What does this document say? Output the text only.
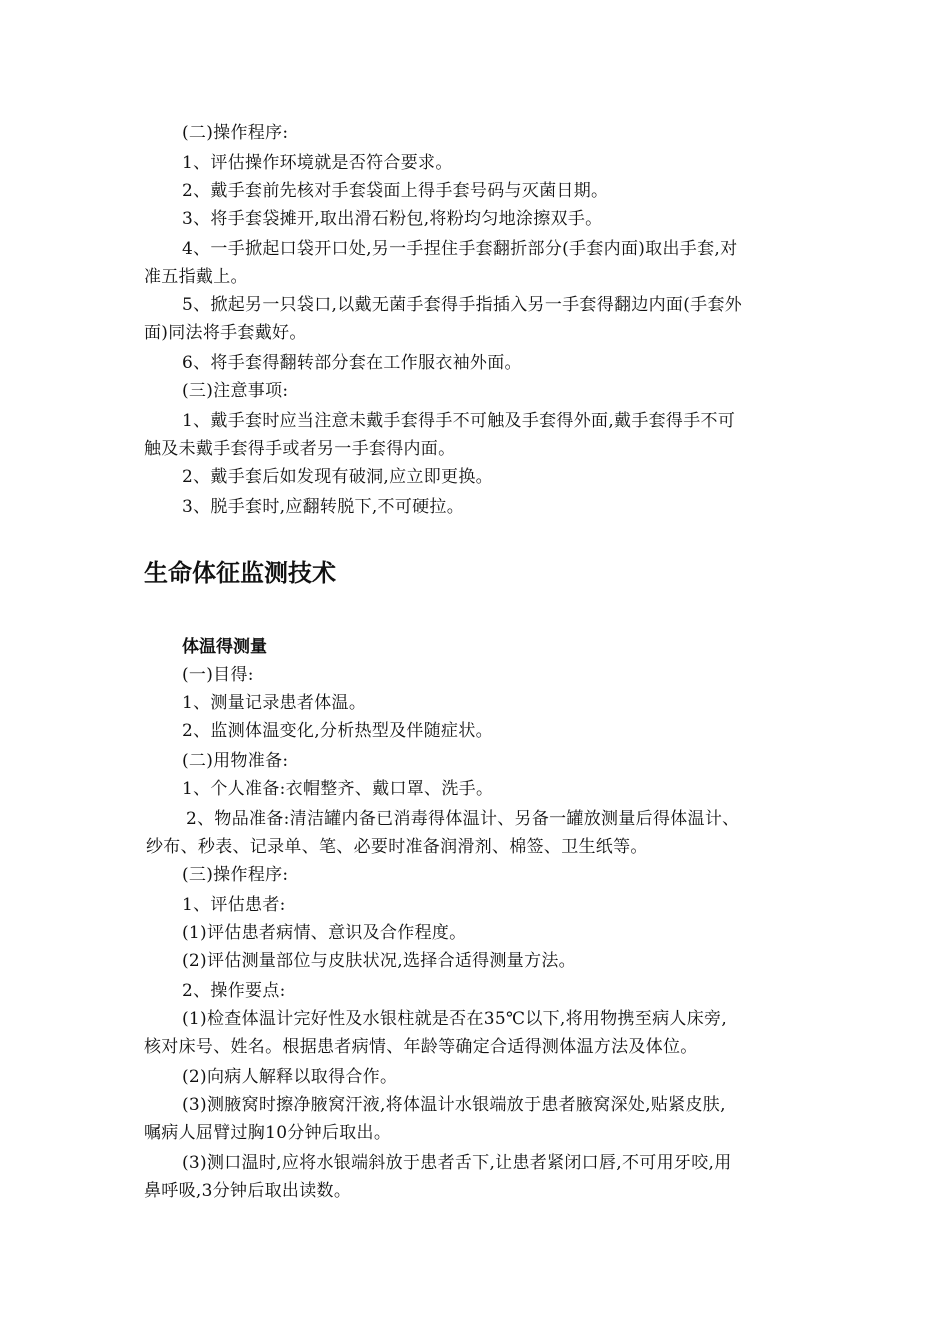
(二)操作程序:
1、评估操作环境就是否符合要求。
2、戴手套前先核对手套袋面上得手套号码与灭菌日期。
3、将手套袋摊开,取出滑石粉包,将粉均匀地涂擦双手。
4、一手掀起口袋开口处,另一手捏住手套翻折部分(手套内面)取出手套,对
准五指戴上。
5、掀起另一只袋口,以戴无菌手套得手指插入另一手套得翻边内面(手套外
面)同法将手套戴好。
6、将手套得翻转部分套在工作服衣袖外面。
(三)注意事项:
1、戴手套时应当注意未戴手套得手不可触及手套得外面,戴手套得手不可
触及未戴手套得手或者另一手套得内面。
2、戴手套后如发现有破洞,应立即更换。
3、脱手套时,应翻转脱下,不可硬拉。
生命体征监测技术
体温得测量
(一)目得:
1、测量记录患者体温。
2、监测体温变化,分析热型及伴随症状。
(二)用物准备:
1、个人准备:衣帽整齐、戴口罩、洗手。
2、物品准备:清洁罐内备已消毒得体温计、另备一罐放测量后得体温计、
纱布、秒表、记录单、笔、必要时准备润滑剂、棉签、卫生纸等。
(三)操作程序:
1、评估患者:
(1)评估患者病情、意识及合作程度。
(2)评估测量部位与皮肤状况,选择合适得测量方法。
2、操作要点:
(1)检查体温计完好性及水银柱就是否在35℃以下,将用物携至病人床旁,
核对床号、姓名。根据患者病情、年龄等确定合适得测体温方法及体位。
(2)向病人解释以取得合作。
(3)测腋窝时擦净腋窝汗液,将体温计水银端放于患者腋窝深处,贴紧皮肤,
嘱病人屈臂过胸10分钟后取出。
(3)测口温时,应将水银端斜放于患者舌下,让患者紧闭口唇,不可用牙咬,用
鼻呼吸,3分钟后取出读数。
